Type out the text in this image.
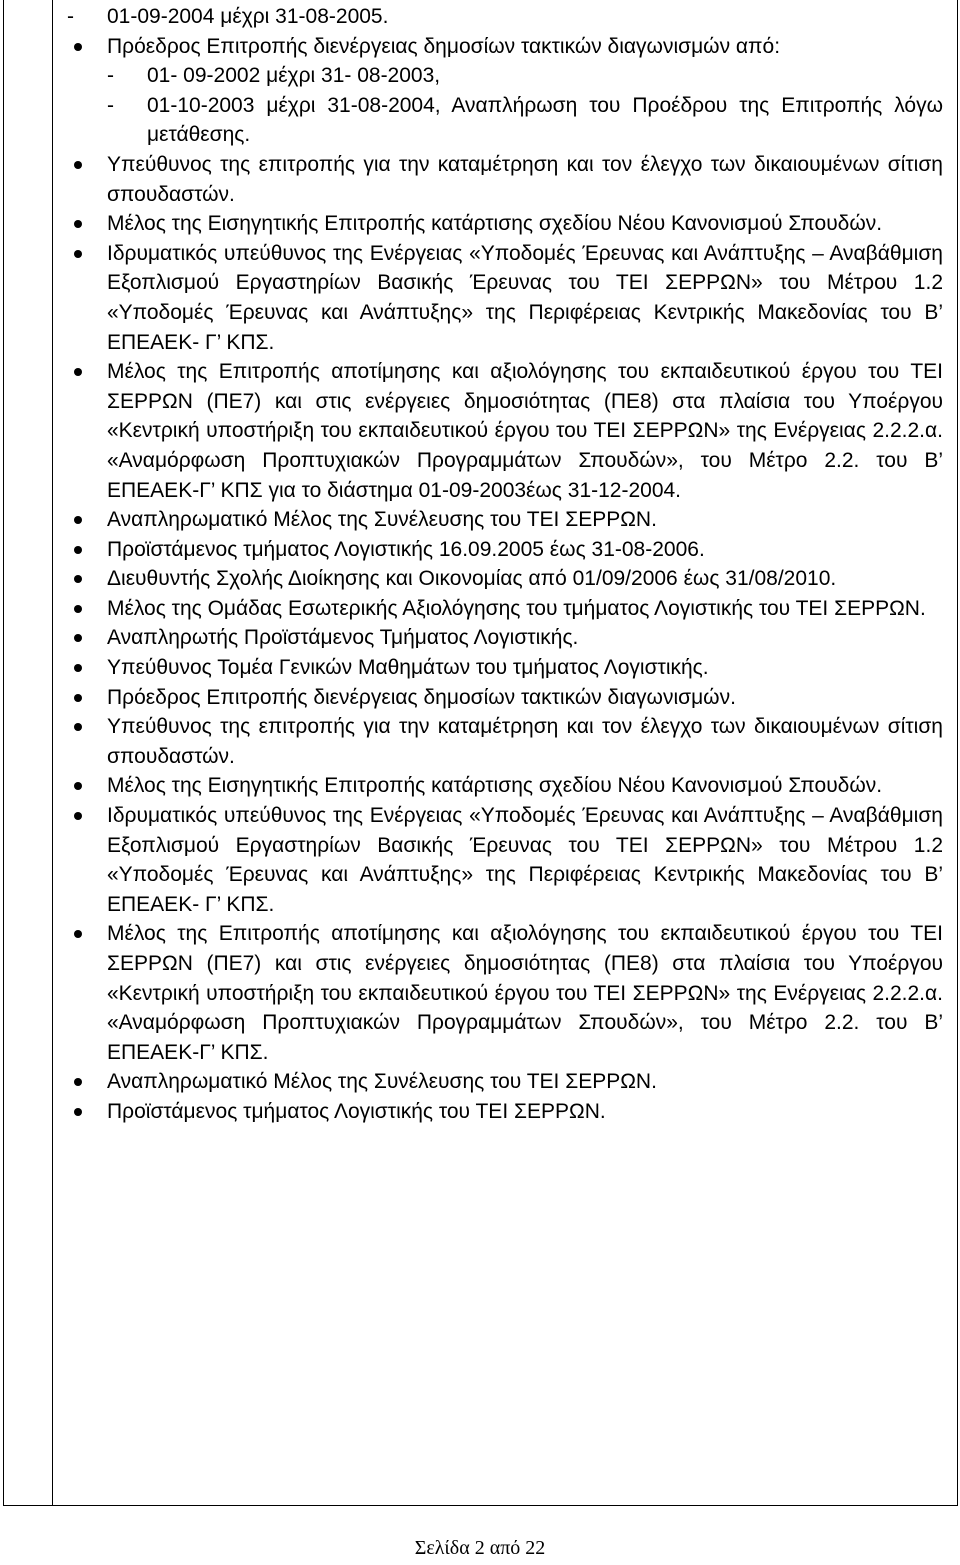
- 01-09-2004 μέχρι 31-08-2005.

Πρόεδρος Επιτροπής διενέργειας δημοσίων τακτικών διαγωνισμών από:

- 01- 09-2002 μέχρι 31- 08-2003,

- 01-10-2003 μέχρι 31-08-2004, Αναπλήρωση του Προέδρου της Επιτροπής λόγω μετάθεσης.

Υπεύθυνος της επιτροπής για την καταμέτρηση και τον έλεγχο των δικαιουμένων σίτιση σπουδαστών.

Μέλος της Εισηγητικής Επιτροπής κατάρτισης σχεδίου Νέου Κανονισμού Σπουδών.

Ιδρυματικός υπεύθυνος της Ενέργειας «Υποδομές Έρευνας και Ανάπτυξης – Αναβάθμιση Εξοπλισμού Εργαστηρίων Βασικής Έρευνας του ΤΕΙ ΣΕΡΡΩΝ» του Μέτρου 1.2 «Υποδομές Έρευνας και Ανάπτυξης» της Περιφέρειας Κεντρικής Μακεδονίας του Β’ ΕΠΕΑΕΚ- Γ’ ΚΠΣ.

Μέλος της Επιτροπής αποτίμησης και αξιολόγησης του εκπαιδευτικού έργου του ΤΕΙ ΣΕΡΡΩΝ (ΠΕ7) και στις ενέργειες δημοσιότητας (ΠΕ8) στα πλαίσια του Υποέργου «Κεντρική υποστήριξη του εκπαιδευτικού έργου του ΤΕΙ ΣΕΡΡΩΝ» της Ενέργειας 2.2.2.α. «Αναμόρφωση Προπτυχιακών Προγραμμάτων Σπουδών», του Μέτρο 2.2. του Β’ ΕΠΕΑΕΚ-Γ’ ΚΠΣ για το διάστημα 01-09-2003έως 31-12-2004.

Αναπληρωματικό Μέλος της Συνέλευσης του ΤΕΙ ΣΕΡΡΩΝ.

Προϊστάμενος τμήματος Λογιστικής 16.09.2005 έως 31-08-2006.

Διευθυντής Σχολής Διοίκησης και Οικονομίας από 01/09/2006 έως 31/08/2010.

Μέλος της Ομάδας Εσωτερικής Αξιολόγησης του τμήματος Λογιστικής του ΤΕΙ ΣΕΡΡΩΝ.

Αναπληρωτής Προϊστάμενος Τμήματος Λογιστικής.

Υπεύθυνος Τομέα Γενικών Μαθημάτων του τμήματος Λογιστικής.

Πρόεδρος Επιτροπής διενέργειας δημοσίων τακτικών διαγωνισμών.

Υπεύθυνος της επιτροπής για την καταμέτρηση και τον έλεγχο των δικαιουμένων σίτιση σπουδαστών.

Μέλος της Εισηγητικής Επιτροπής κατάρτισης σχεδίου Νέου Κανονισμού Σπουδών.

Ιδρυματικός υπεύθυνος της Ενέργειας «Υποδομές Έρευνας και Ανάπτυξης – Αναβάθμιση Εξοπλισμού Εργαστηρίων Βασικής Έρευνας του ΤΕΙ ΣΕΡΡΩΝ» του Μέτρου 1.2 «Υποδομές Έρευνας και Ανάπτυξης» της Περιφέρειας Κεντρικής Μακεδονίας του Β’ ΕΠΕΑΕΚ- Γ’ ΚΠΣ.

Μέλος της Επιτροπής αποτίμησης και αξιολόγησης του εκπαιδευτικού έργου του ΤΕΙ ΣΕΡΡΩΝ (ΠΕ7) και στις ενέργειες δημοσιότητας (ΠΕ8) στα πλαίσια του Υποέργου «Κεντρική υποστήριξη του εκπαιδευτικού έργου του ΤΕΙ ΣΕΡΡΩΝ» της Ενέργειας 2.2.2.α. «Αναμόρφωση Προπτυχιακών Προγραμμάτων Σπουδών», του Μέτρο 2.2. του Β’ ΕΠΕΑΕΚ-Γ’ ΚΠΣ.

Αναπληρωματικό Μέλος της Συνέλευσης του ΤΕΙ ΣΕΡΡΩΝ.

Προϊστάμενος τμήματος Λογιστικής του ΤΕΙ ΣΕΡΡΩΝ.

Σελίδα 2 από 22
